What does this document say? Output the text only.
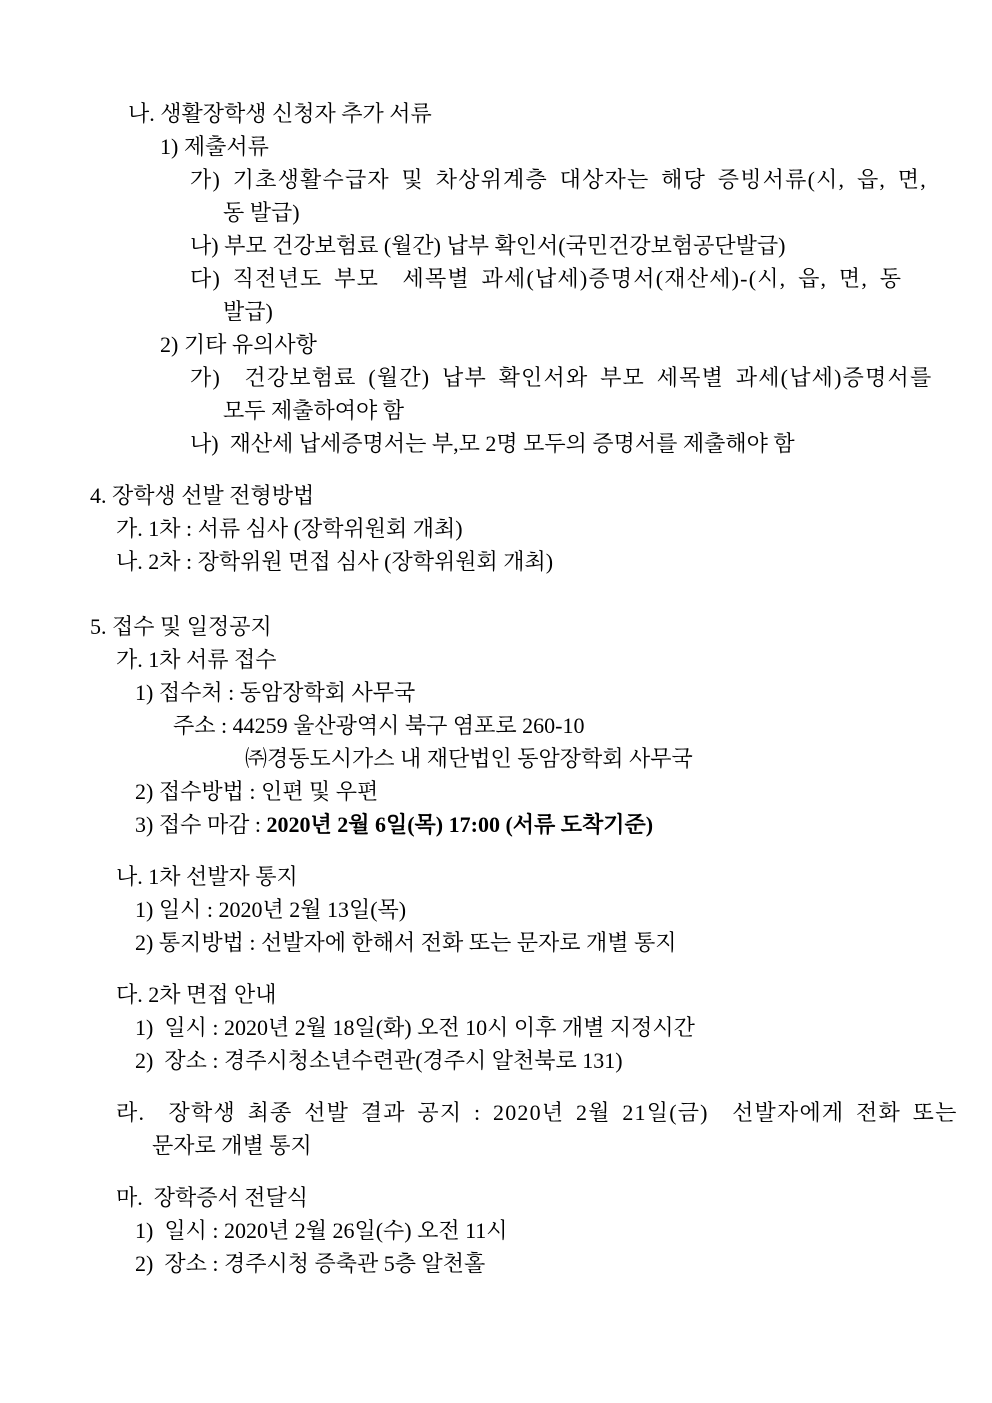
나. 생활장학생 신청자 추가 서류
1) 제출서류
가) 기초생활수급자 및 차상위계층 대상자는 해당 증빙서류(시, 읍, 면,
동 발급)
나) 부모 건강보험료 (월간) 납부 확인서(국민건강보험공단발급)
다) 직전년도 부모  세목별 과세(납세)증명서(재산세)-(시, 읍, 면, 동
발급)
2) 기타 유의사항
가)  건강보험료 (월간) 납부 확인서와 부모 세목별 과세(납세)증명서를
모두 제출하여야 함
나)  재산세 납세증명서는 부,모 2명 모두의 증명서를 제출해야 함
4. 장학생 선발 전형방법
가. 1차 : 서류 심사 (장학위원회 개최)
나. 2차 : 장학위원 면접 심사 (장학위원회 개최)
5. 접수 및 일정공지
가. 1차 서류 접수
1) 접수처 : 동암장학회 사무국
주소 : 44259 울산광역시 북구 염포로 260-10
㈜경동도시가스 내 재단법인 동암장학회 사무국
2) 접수방법 : 인편 및 우편
3) 접수 마감 : 2020년 2월 6일(목) 17:00 (서류 도착기준)
나. 1차 선발자 통지
1) 일시 : 2020년 2월 13일(목)
2) 통지방법 : 선발자에 한해서 전화 또는 문자로 개별 통지
다. 2차 면접 안내
1)  일시 : 2020년 2월 18일(화) 오전 10시 이후 개별 지정시간
2)  장소 : 경주시청소년수련관(경주시 알천북로 131)
라.  장학생 최종 선발 결과 공지 : 2020년 2월 21일(금)  선발자에게 전화 또는
문자로 개별 통지
마.  장학증서 전달식
1)  일시 : 2020년 2월 26일(수) 오전 11시
2)  장소 : 경주시청 증축관 5층 알천홀
